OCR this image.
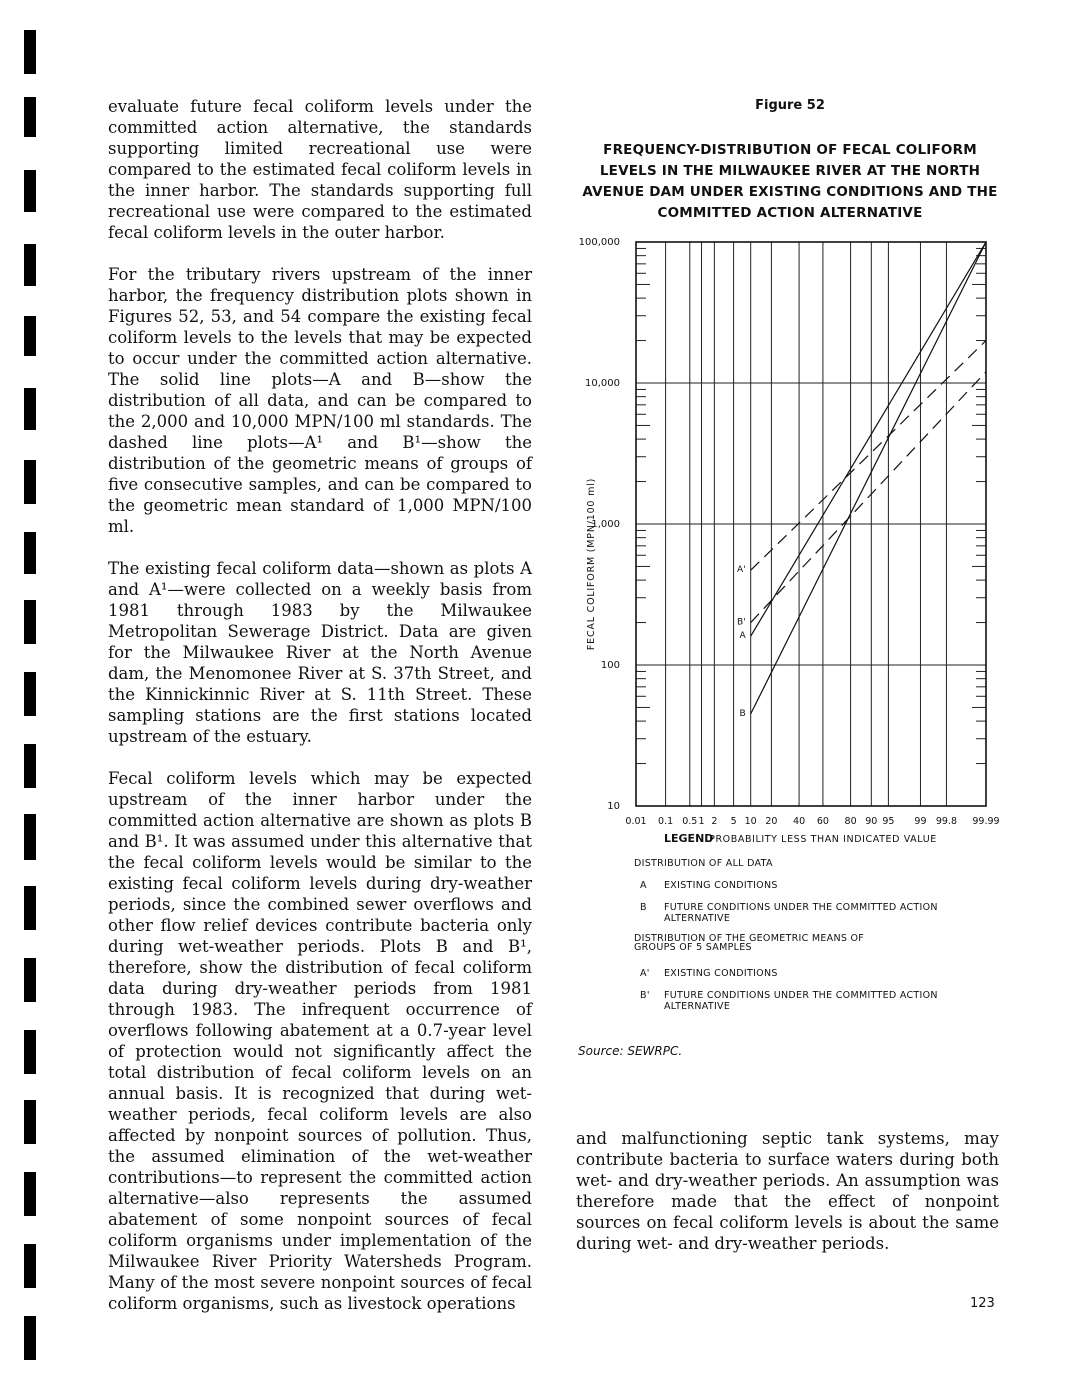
evaluate future fecal coliform levels under the committed action alternative, the standards supporting limited recreational use were compared to the estimated fecal coliform levels in the inner harbor. The standards supporting full recreational use were compared to the estimated fecal coliform levels in the outer harbor.

For the tributary rivers upstream of the inner harbor, the frequency distribution plots shown in Figures 52, 53, and 54 compare the existing fecal coliform levels to the levels that may be expected to occur under the committed action alternative. The solid line plots—A and B—show the distribution of all data, and can be compared to the 2,000 and 10,000 MPN/100 ml standards. The dashed line plots—A¹ and B¹—show the distribution of the geometric means of groups of five consecutive samples, and can be compared to the geometric mean standard of 1,000 MPN/100 ml.

The existing fecal coliform data—shown as plots A and A¹—were collected on a weekly basis from 1981 through 1983 by the Milwaukee Metropolitan Sewerage District. Data are given for the Milwaukee River at the North Avenue dam, the Menomonee River at S. 37th Street, and the Kinnickinnic River at S. 11th Street. These sampling stations are the first stations located upstream of the estuary.

Fecal coliform levels which may be expected upstream of the inner harbor under the committed action alternative are shown as plots B and B¹. It was assumed under this alternative that the fecal coliform levels would be similar to the existing fecal coliform levels during dry-weather periods, since the combined sewer overflows and other flow relief devices contribute bacteria only during wet-weather periods. Plots B and B¹, therefore, show the distribution of fecal coliform data during dry-weather periods from 1981 through 1983. The infrequent occurrence of overflows following abatement at a 0.7-year level of protection would not significantly affect the total distribution of fecal coliform levels on an annual basis. It is recognized that during wet-weather periods, fecal coliform levels are also affected by nonpoint sources of pollution. Thus, the assumed elimination of the wet-weather contributions—to represent the committed action alternative—also represents the assumed abatement of some nonpoint sources of fecal coliform organisms under implementation of the Milwaukee River Priority Watersheds Program. Many of the most severe nonpoint sources of fecal coliform organisms, such as livestock operations

Figure 52
FREQUENCY-DISTRIBUTION OF FECAL COLIFORM LEVELS IN THE MILWAUKEE RIVER AT THE NORTH AVENUE DAM UNDER EXISTING CONDITIONS AND THE COMMITTED ACTION ALTERNATIVE
10
100
1,000
10,000
100,000
0.01 0.1 0.5 1 2 5 10 20 40 60 80 90 95 99 99.8 99.99
PROBABILITY LESS THAN INDICATED VALUE
FECAL COLIFORM (MPN/100 ml)	A
B
A'
B'
LEGEND
DISTRIBUTION OF ALL DATA
A EXISTING CONDITIONS
B FUTURE CONDITIONS UNDER THE COMMITTED ACTION ALTERNATIVE
DISTRIBUTION OF THE GEOMETRIC MEANS OF GROUPS OF 5 SAMPLES
A' EXISTING CONDITIONS
B' FUTURE CONDITIONS UNDER THE COMMITTED ACTION ALTERNATIVE
Source: SEWRPC.

and malfunctioning septic tank systems, may contribute bacteria to surface waters during both wet- and dry-weather periods. An assumption was therefore made that the effect of nonpoint sources on fecal coliform levels is about the same during wet- and dry-weather periods.

123
